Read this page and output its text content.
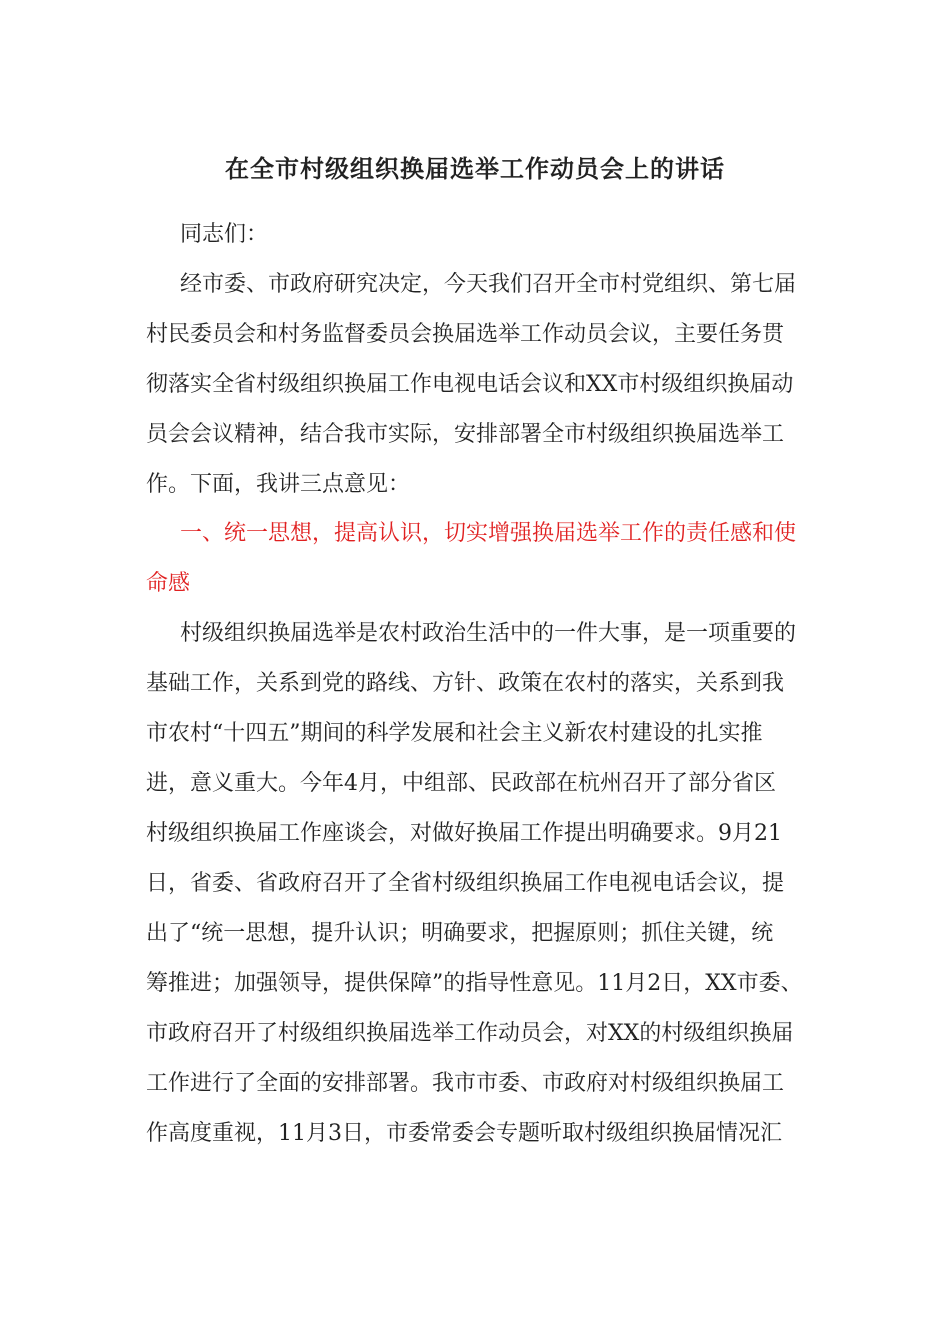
在全市村级组织换届选举工作动员会上的讲话
同志们：
经市委、市政府研究决定，今天我们召开全市村党组织、第七届
村民委员会和村务监督委员会换届选举工作动员会议，主要任务贯
彻落实全省村级组织换届工作电视电话会议和XX市村级组织换届动
员会会议精神，结合我市实际，安排部署全市村级组织换届选举工
作。下面，我讲三点意见：
一、统一思想，提高认识，切实增强换届选举工作的责任感和使
命感
村级组织换届选举是农村政治生活中的一件大事，是一项重要的
基础工作，关系到党的路线、方针、政策在农村的落实，关系到我
市农村“十四五”期间的科学发展和社会主义新农村建设的扎实推
进，意义重大。今年4月，中组部、民政部在杭州召开了部分省区
村级组织换届工作座谈会，对做好换届工作提出明确要求。9月21
日，省委、省政府召开了全省村级组织换届工作电视电话会议，提
出了“统一思想，提升认识；明确要求，把握原则；抓住关键，统
筹推进；加强领导，提供保障”的指导性意见。11月2日，XX市委、
市政府召开了村级组织换届选举工作动员会，对XX的村级组织换届
工作进行了全面的安排部署。我市市委、市政府对村级组织换届工
作高度重视，11月3日，市委常委会专题听取村级组织换届情况汇
